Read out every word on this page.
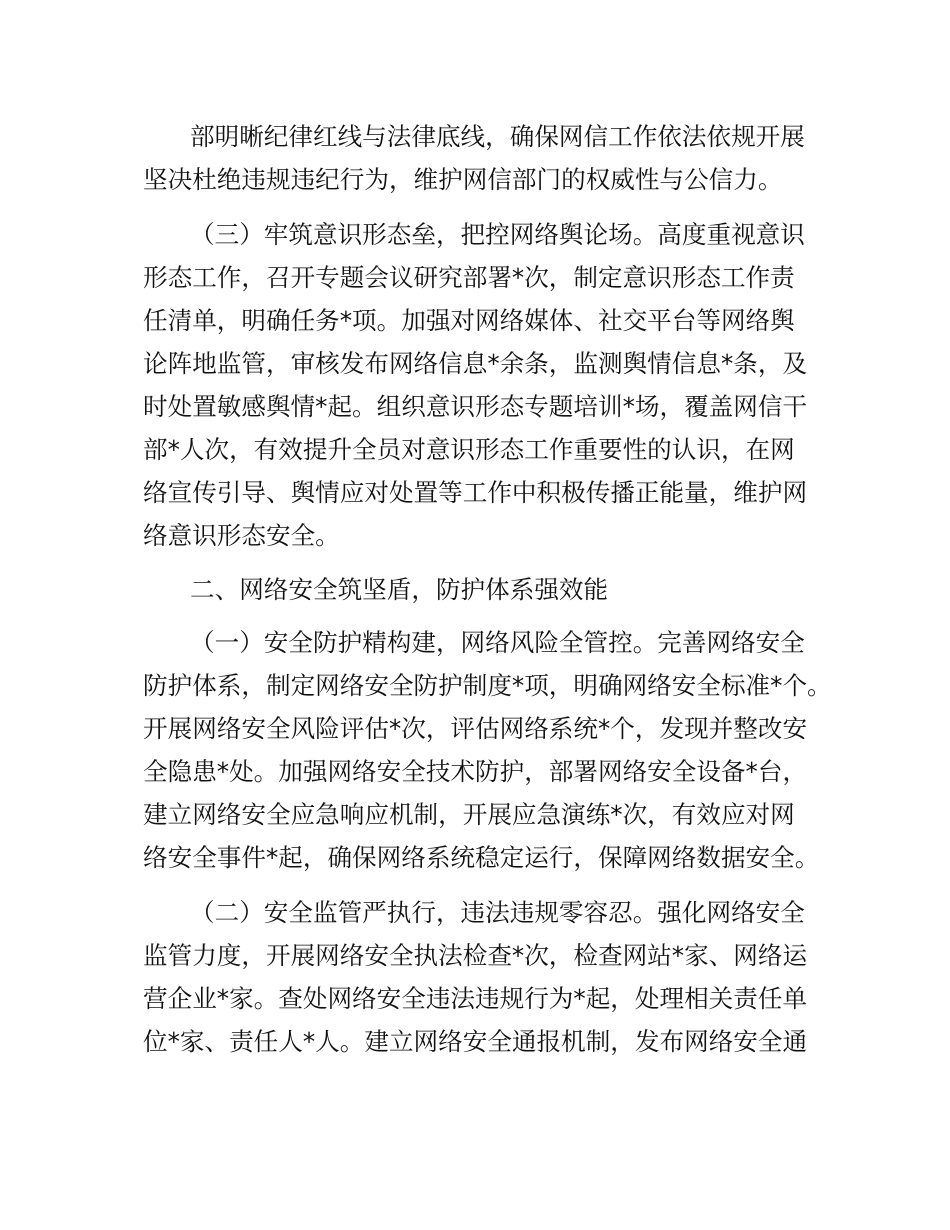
部明晰纪律红线与法律底线，确保网信工作依法依规开展
坚决杜绝违规违纪行为，维护网信部门的权威性与公信力。
（三）牢筑意识形态垒，把控网络舆论场。高度重视意识
形态工作，召开专题会议研究部署*次，制定意识形态工作责
任清单，明确任务*项。加强对网络媒体、社交平台等网络舆
论阵地监管，审核发布网络信息*余条，监测舆情信息*条，及
时处置敏感舆情*起。组织意识形态专题培训*场，覆盖网信干
部*人次，有效提升全员对意识形态工作重要性的认识，在网
络宣传引导、舆情应对处置等工作中积极传播正能量，维护网
络意识形态安全。
二、网络安全筑坚盾，防护体系强效能
（一）安全防护精构建，网络风险全管控。完善网络安全
防护体系，制定网络安全防护制度*项，明确网络安全标准*个。
开展网络安全风险评估*次，评估网络系统*个，发现并整改安
全隐患*处。加强网络安全技术防护，部署网络安全设备*台，
建立网络安全应急响应机制，开展应急演练*次，有效应对网
络安全事件*起，确保网络系统稳定运行，保障网络数据安全。
（二）安全监管严执行，违法违规零容忍。强化网络安全
监管力度，开展网络安全执法检查*次，检查网站*家、网络运
营企业*家。查处网络安全违法违规行为*起，处理相关责任单
位*家、责任人*人。建立网络安全通报机制，发布网络安全通
